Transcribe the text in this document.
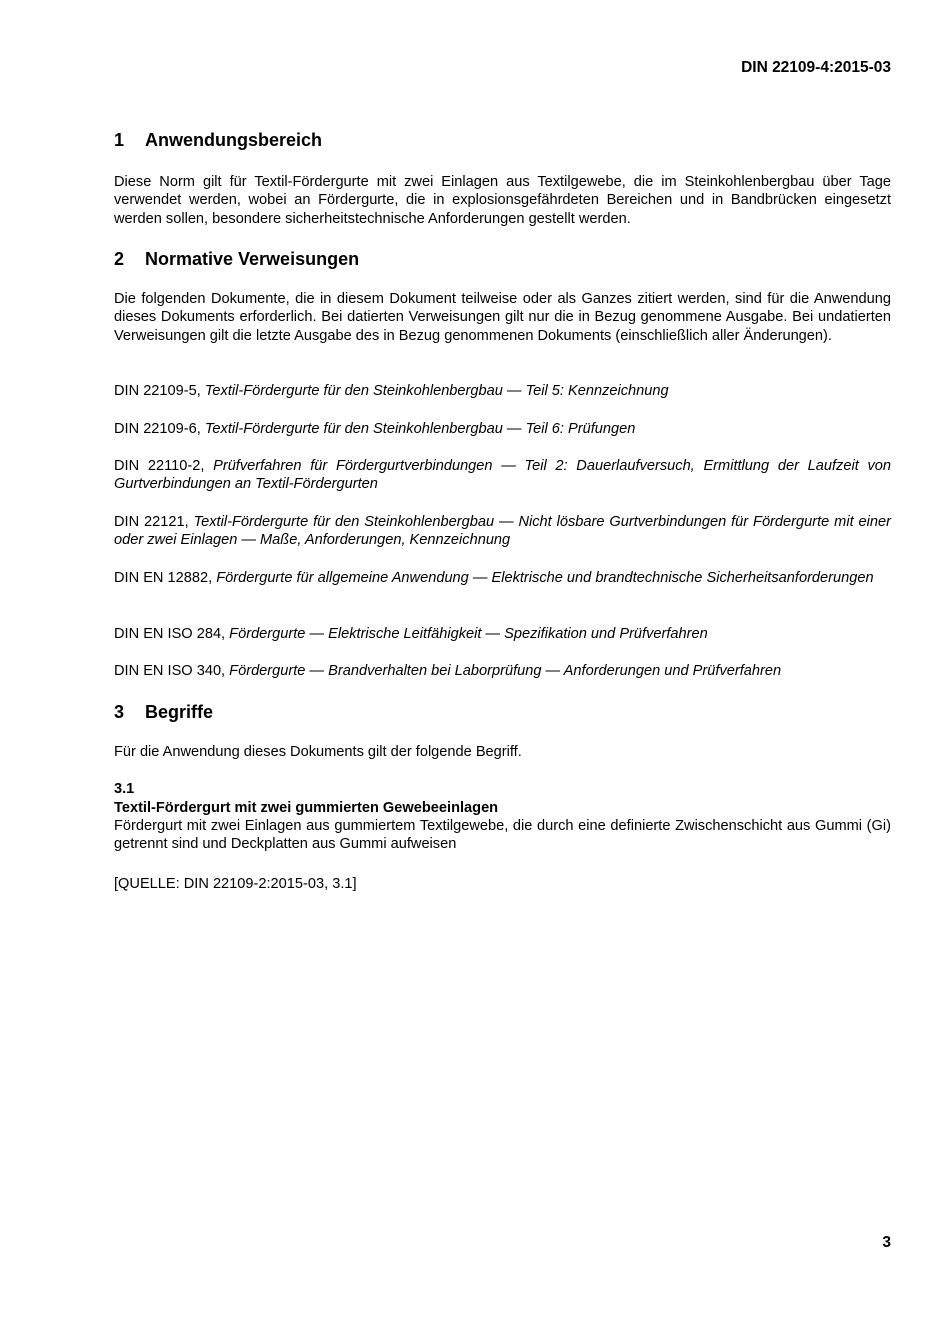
DIN 22109-4:2015-03
1 Anwendungsbereich
Diese Norm gilt für Textil-Fördergurte mit zwei Einlagen aus Textilgewebe, die im Steinkohlenbergbau über Tage verwendet werden, wobei an Fördergurte, die in explosionsgefährdeten Bereichen und in Bandbrücken eingesetzt werden sollen, besondere sicherheitstechnische Anforderungen gestellt werden.
2 Normative Verweisungen
Die folgenden Dokumente, die in diesem Dokument teilweise oder als Ganzes zitiert werden, sind für die Anwendung dieses Dokuments erforderlich. Bei datierten Verweisungen gilt nur die in Bezug genommene Ausgabe. Bei undatierten Verweisungen gilt die letzte Ausgabe des in Bezug genommenen Dokuments (einschließlich aller Änderungen).
DIN 22109-5, Textil-Fördergurte für den Steinkohlenbergbau — Teil 5: Kennzeichnung
DIN 22109-6, Textil-Fördergurte für den Steinkohlenbergbau — Teil 6: Prüfungen
DIN 22110-2, Prüfverfahren für Fördergurtverbindungen — Teil 2: Dauerlaufversuch, Ermittlung der Laufzeit von Gurtverbindungen an Textil-Fördergurten
DIN 22121, Textil-Fördergurte für den Steinkohlenbergbau — Nicht lösbare Gurtverbindungen für Fördergurte mit einer oder zwei Einlagen — Maße, Anforderungen, Kennzeichnung
DIN EN 12882, Fördergurte für allgemeine Anwendung — Elektrische und brandtechnische Sicherheitsanforderungen
DIN EN ISO 284, Fördergurte — Elektrische Leitfähigkeit — Spezifikation und Prüfverfahren
DIN EN ISO 340, Fördergurte — Brandverhalten bei Laborprüfung — Anforderungen und Prüfverfahren
3 Begriffe
Für die Anwendung dieses Dokuments gilt der folgende Begriff.
3.1
Textil-Fördergurt mit zwei gummierten Gewebeeinlagen
Fördergurt mit zwei Einlagen aus gummiertem Textilgewebe, die durch eine definierte Zwischenschicht aus Gummi (Gi) getrennt sind und Deckplatten aus Gummi aufweisen
[QUELLE: DIN 22109-2:2015-03, 3.1]
3
